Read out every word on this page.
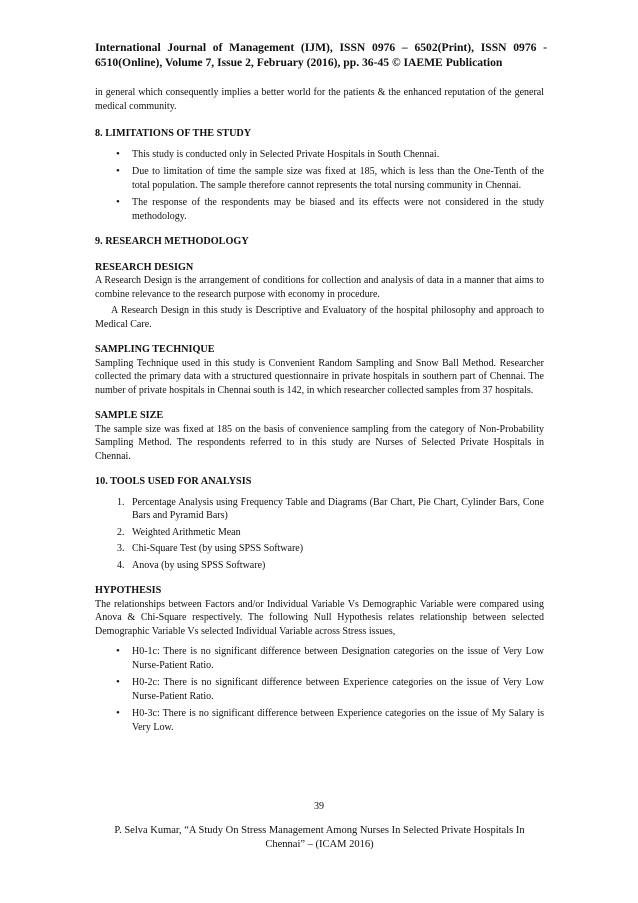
International Journal of Management (IJM), ISSN 0976 – 6502(Print), ISSN 0976 - 6510(Online), Volume 7, Issue 2, February (2016), pp. 36-45 © IAEME Publication

in general which consequently implies a better world for the patients & the enhanced reputation of the general medical community.

8. LIMITATIONS OF THE STUDY
• This study is conducted only in Selected Private Hospitals in South Chennai.
• Due to limitation of time the sample size was fixed at 185, which is less than the One-Tenth of the total population. The sample therefore cannot represents the total nursing community in Chennai.
• The response of the respondents may be biased and its effects were not considered in the study methodology.
9. RESEARCH METHODOLOGY
RESEARCH DESIGN

A Research Design is the arrangement of conditions for collection and analysis of data in a manner that aims to combine relevance to the research purpose with economy in procedure.

A Research Design in this study is Descriptive and Evaluatory of the hospital philosophy and approach to Medical Care.

SAMPLING TECHNIQUE

Sampling Technique used in this study is Convenient Random Sampling and Snow Ball Method. Researcher collected the primary data with a structured questionnaire in private hospitals in southern part of Chennai. The number of private hospitals in Chennai south is 142, in which researcher collected samples from 37 hospitals.

SAMPLE SIZE

The sample size was fixed at 185 on the basis of convenience sampling from the category of Non-Probability Sampling Method. The respondents referred to in this study are Nurses of Selected Private Hospitals in Chennai.

10. TOOLS USED FOR ANALYSIS
1. Percentage Analysis using Frequency Table and Diagrams (Bar Chart, Pie Chart, Cylinder Bars, Cone Bars and Pyramid Bars)
2. Weighted Arithmetic Mean
3. Chi-Square Test (by using SPSS Software)
4. Anova (by using SPSS Software)
HYPOTHESIS

The relationships between Factors and/or Individual Variable Vs Demographic Variable were compared using Anova & Chi-Square respectively. The following Null Hypothesis relates relationship between selected Demographic Variable Vs selected Individual Variable across Stress issues,

• H0-1c: There is no significant difference between Designation categories on the issue of Very Low Nurse-Patient Ratio.
• H0-2c: There is no significant difference between Experience categories on the issue of Very Low Nurse-Patient Ratio.
• H0-3c: There is no significant difference between Experience categories on the issue of My Salary is Very Low.
39
P. Selva Kumar, “A Study On Stress Management Among Nurses In Selected Private Hospitals In Chennai” – (ICAM 2016)
